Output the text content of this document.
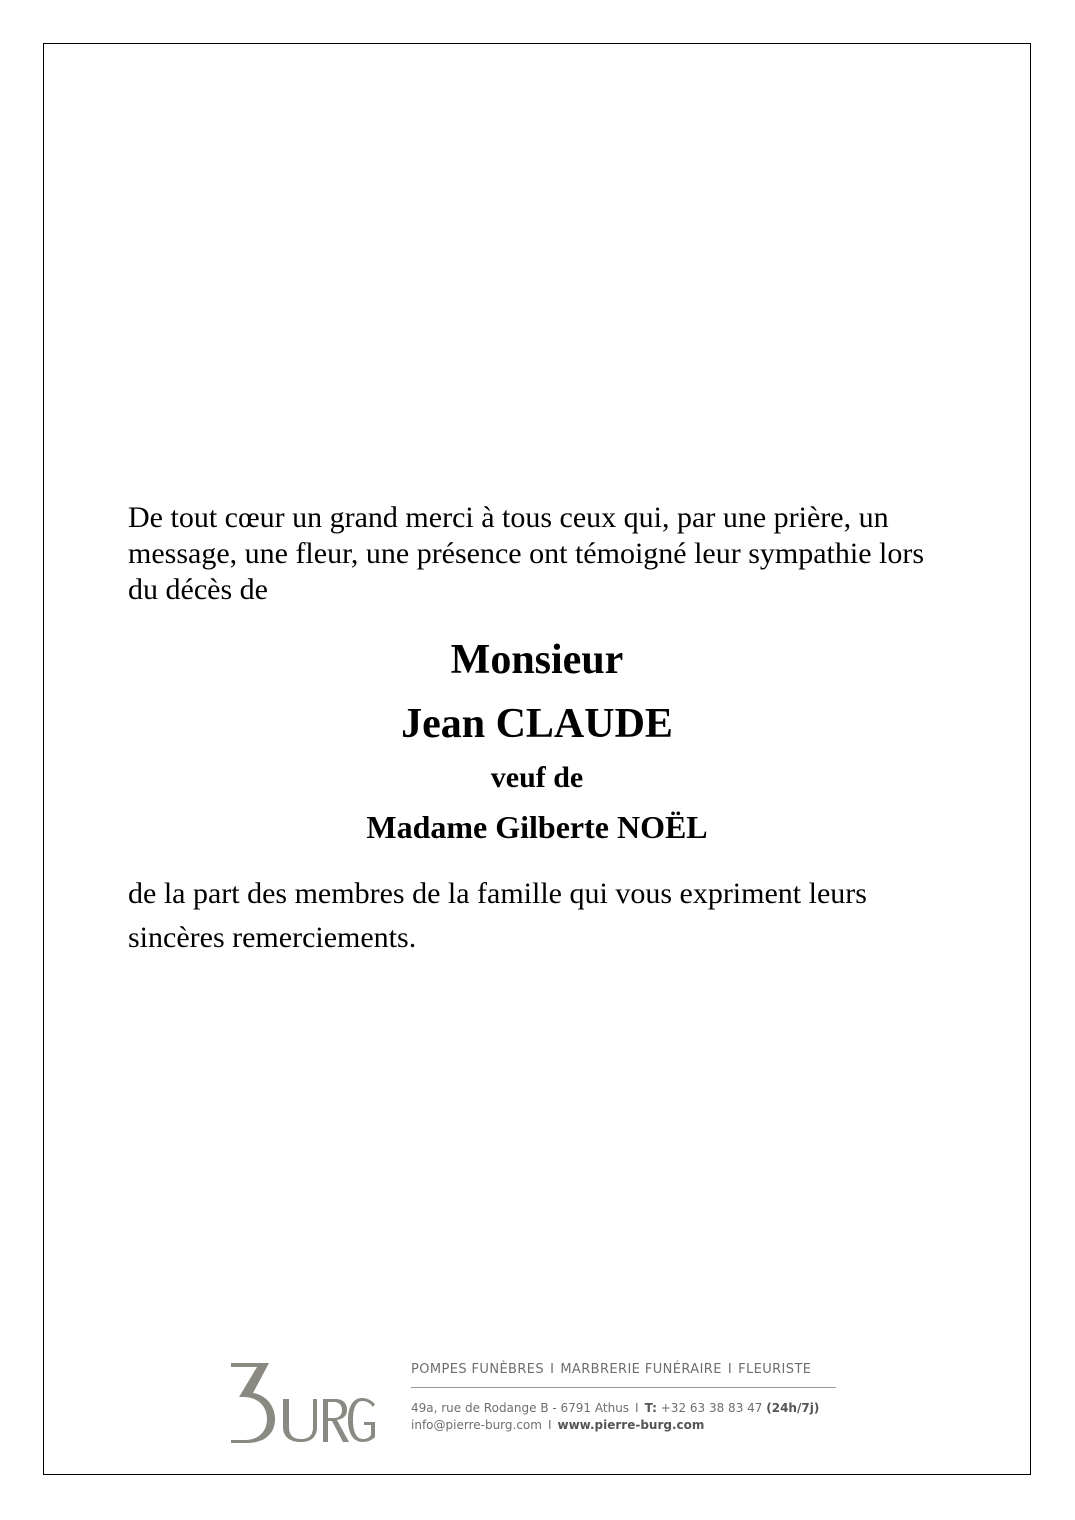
De tout cœur un grand merci à tous ceux qui, par une prière, un message, une fleur, une présence ont témoigné leur sympathie lors du décès de
Monsieur
Jean CLAUDE
veuf de
Madame Gilberte NOËL
de la part des membres de la famille qui vous expriment leurs sincères remerciements.
POMPES FUNÈBRES I MARBRERIE FUNÉRAIRE I FLEURISTE
49a, rue de Rodange B - 6791 Athus I T: +32 63 38 83 47 (24h/7j)
info@pierre-burg.com I www.pierre-burg.com
